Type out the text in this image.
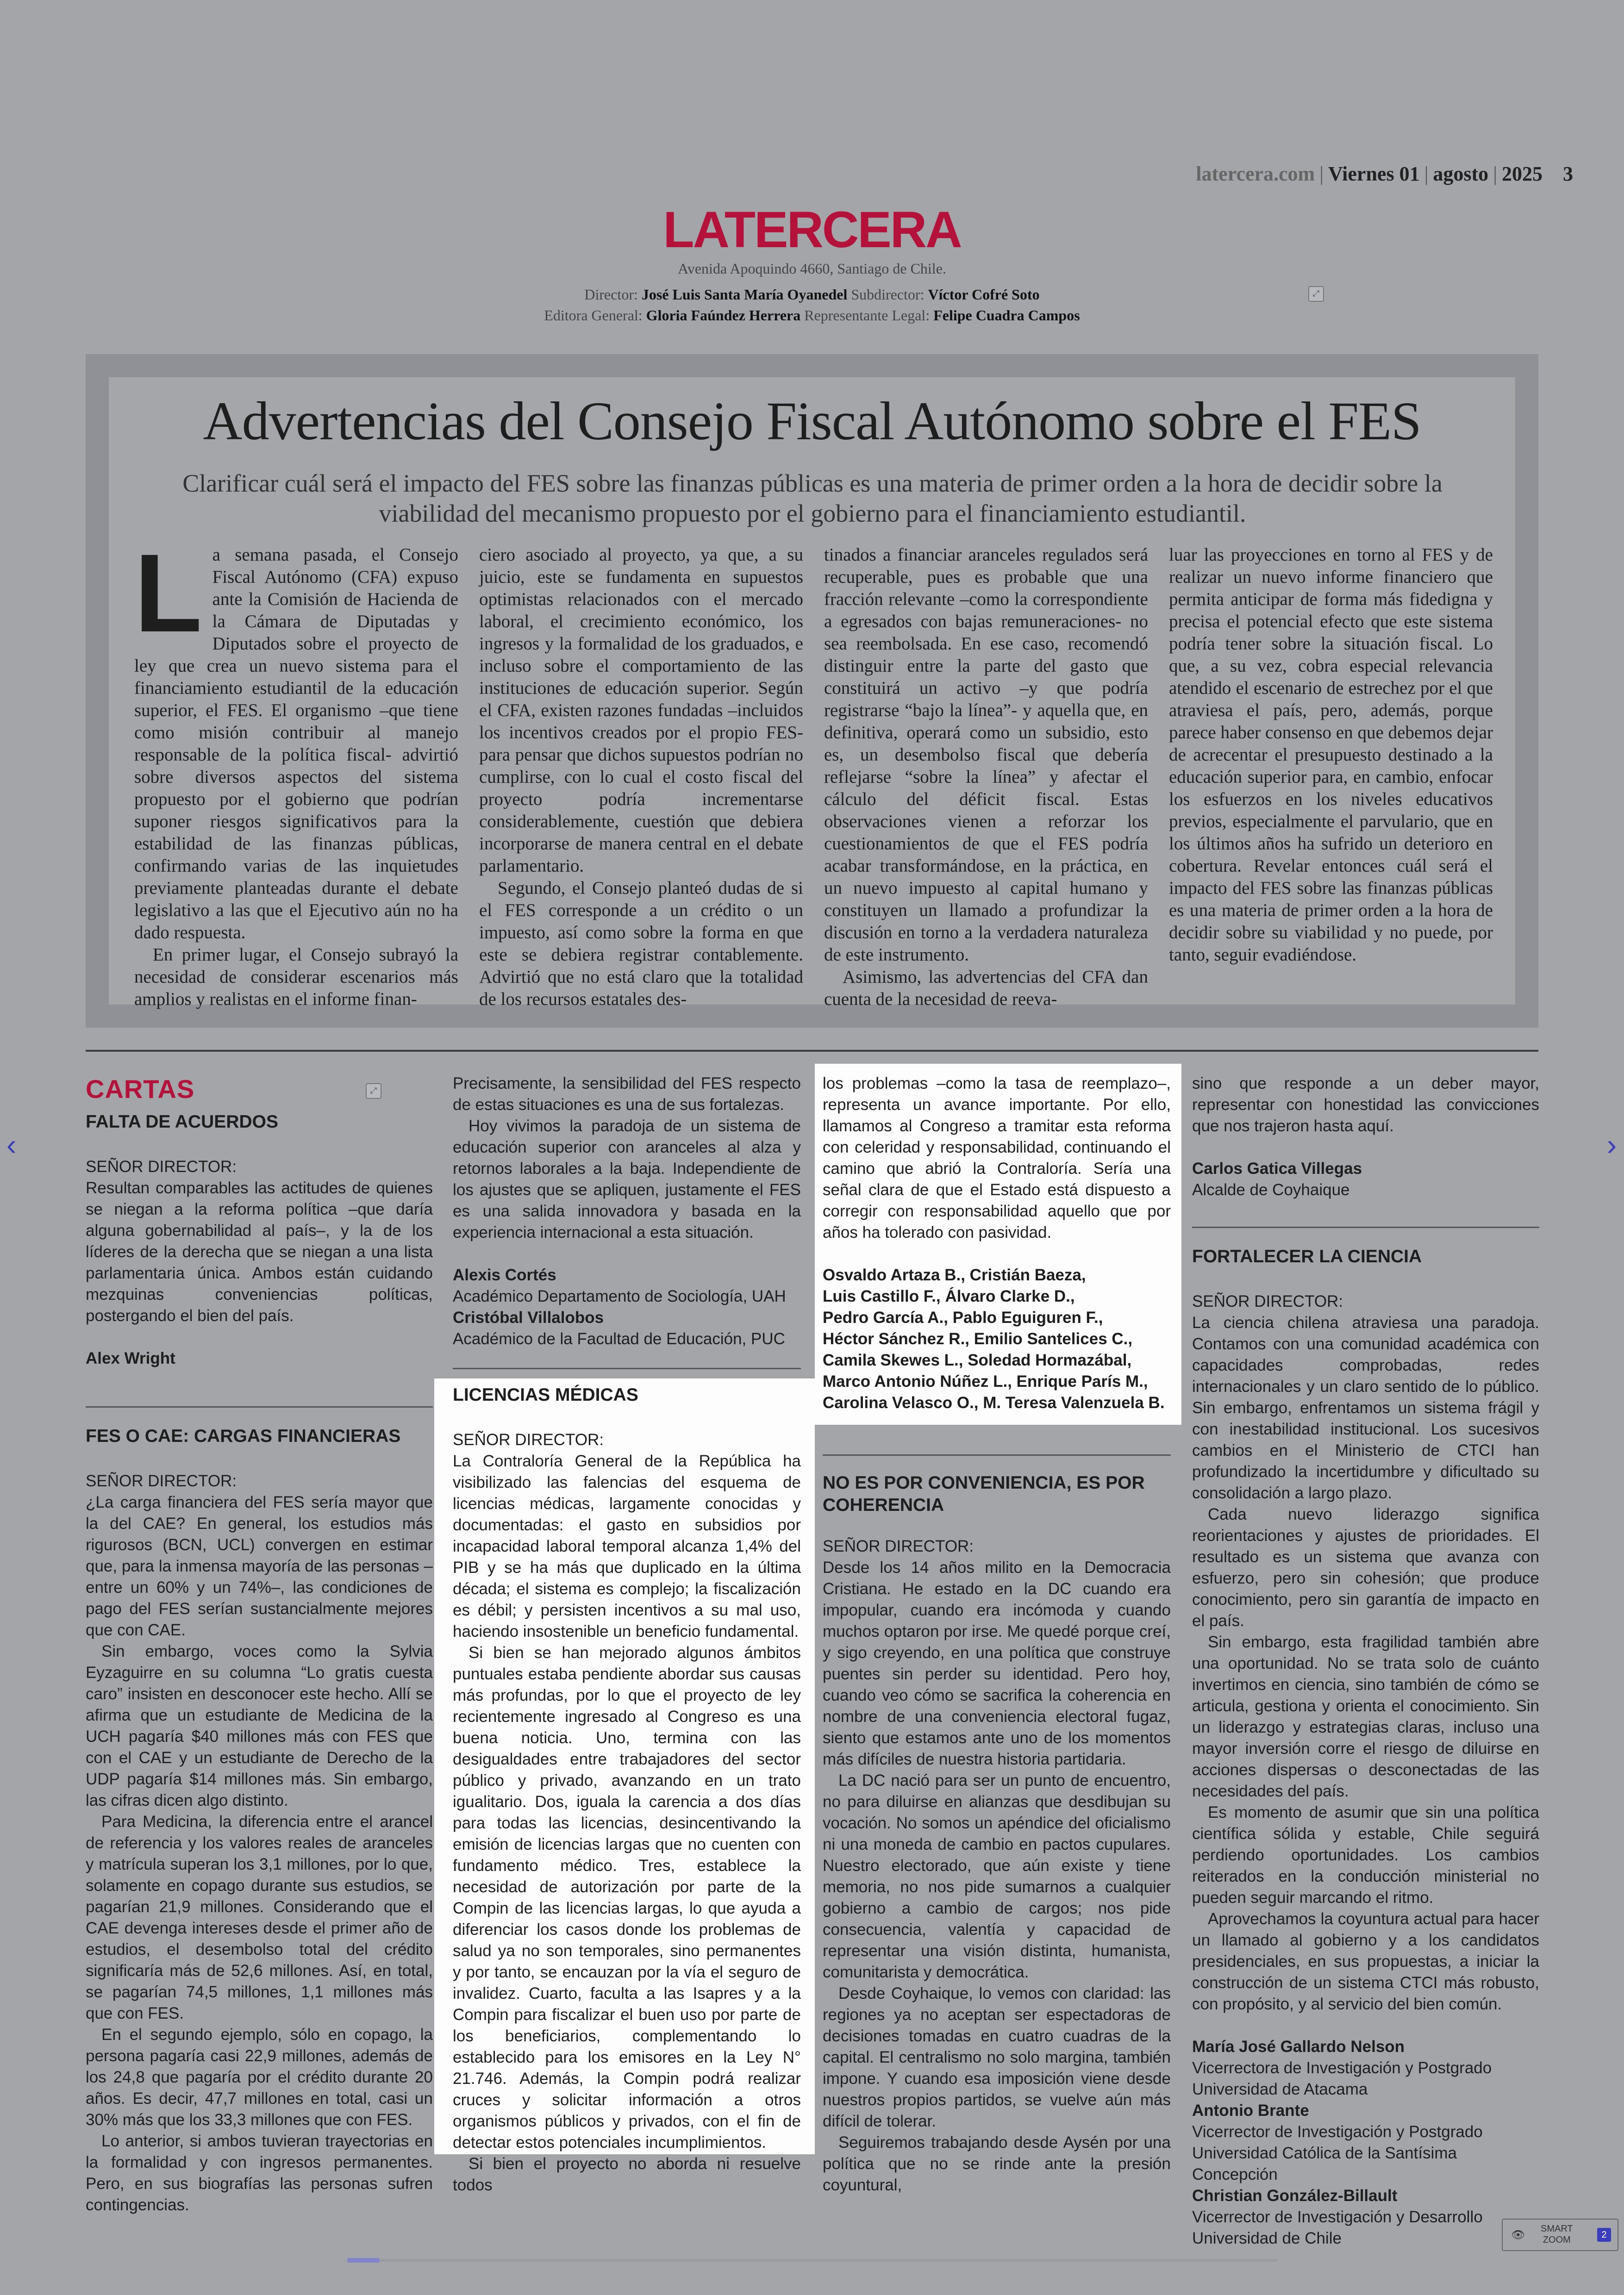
latercera.com | Viernes 01 | agosto | 2025 3
LATERCERA
Avenida Apoquindo 4660, Santiago de Chile.
Director: José Luis Santa María Oyanedel Subdirector: Víctor Cofré Soto
Editora General: Gloria Faúndez Herrera Representante Legal: Felipe Cuadra Campos
⤢
Advertencias del Consejo Fiscal Autónomo sobre el FES
Clarificar cuál será el impacto del FES sobre las finanzas públicas es una materia de primer orden a la hora de decidir sobre la viabilidad del mecanismo propuesto por el gobierno para el financiamiento estudiantil.
L a semana pasada, el Consejo Fiscal Autónomo (CFA) expuso ante la Comisión de Hacienda de la Cámara de Diputadas y Diputados sobre el proyecto de ley que crea un nuevo sistema para el financiamiento estudiantil de la educación superior, el FES. El organismo –que tiene como misión contribuir al manejo responsable de la política fiscal- advirtió sobre diversos aspectos del sistema propuesto por el gobierno que podrían suponer riesgos significativos para la estabilidad de las finanzas públicas, confirmando varias de las inquietudes previamente planteadas durante el debate legislativo a las que el Ejecutivo aún no ha dado respuesta.

En primer lugar, el Consejo subrayó la necesidad de considerar escenarios más amplios y realistas en el informe finan-

ciero asociado al proyecto, ya que, a su juicio, este se fundamenta en supuestos optimistas relacionados con el mercado laboral, el crecimiento económico, los ingresos y la formalidad de los graduados, e incluso sobre el comportamiento de las instituciones de educación superior. Según el CFA, existen razones fundadas –incluidos los incentivos creados por el propio FES- para pensar que dichos supuestos podrían no cumplirse, con lo cual el costo fiscal del proyecto podría incrementarse considerablemente, cuestión que debiera incorporarse de manera central en el debate parlamentario.

Segundo, el Consejo planteó dudas de si el FES corresponde a un crédito o un impuesto, así como sobre la forma en que este se debiera registrar contablemente. Advirtió que no está claro que la totalidad de los recursos estatales des-

tinados a financiar aranceles regulados será recuperable, pues es probable que una fracción relevante –como la correspondiente a egresados con bajas remuneraciones- no sea reembolsada. En ese caso, recomendó distinguir entre la parte del gasto que constituirá un activo –y que podría registrarse “bajo la línea”- y aquella que, en definitiva, operará como un subsidio, esto es, un desembolso fiscal que debería reflejarse “sobre la línea” y afectar el cálculo del déficit fiscal. Estas observaciones vienen a reforzar los cuestionamientos de que el FES podría acabar transformándose, en la práctica, en un nuevo impuesto al capital humano y constituyen un llamado a profundizar la discusión en torno a la verdadera naturaleza de este instrumento.

Asimismo, las advertencias del CFA dan cuenta de la necesidad de reeva-

luar las proyecciones en torno al FES y de realizar un nuevo informe financiero que permita anticipar de forma más fidedigna y precisa el potencial efecto que este sistema podría tener sobre la situación fiscal. Lo que, a su vez, cobra especial relevancia atendido el escenario de estrechez por el que atraviesa el país, pero, además, porque parece haber consenso en que debemos dejar de acrecentar el presupuesto destinado a la educación superior para, en cambio, enfocar los esfuerzos en los niveles educativos previos, especialmente el parvulario, que en los últimos años ha sufrido un deterioro en cobertura. Revelar entonces cuál será el impacto del FES sobre las finanzas públicas es una materia de primer orden a la hora de decidir sobre su viabilidad y no puede, por tanto, seguir evadiéndose.

CARTAS	⤢
FALTA DE ACUERDOS
SEÑOR DIRECTOR:

Resultan comparables las actitudes de quienes se niegan a la reforma política –que daría alguna gobernabilidad al país–, y la de los líderes de la derecha que se niegan a una lista parlamentaria única. Ambos están cuidando mezquinas conveniencias políticas, postergando el bien del país.

Alex Wright
FES O CAE: CARGAS FINANCIERAS
SEÑOR DIRECTOR:

¿La carga financiera del FES sería mayor que la del CAE? En general, los estudios más rigurosos (BCN, UCL) convergen en estimar que, para la inmensa mayoría de las personas –entre un 60% y un 74%–, las condiciones de pago del FES serían sustancialmente mejores que con CAE.

Sin embargo, voces como la Sylvia Eyzaguirre en su columna “Lo gratis cuesta caro” insisten en desconocer este hecho. Allí se afirma que un estudiante de Medicina de la UCH pagaría $40 millones más con FES que con el CAE y un estudiante de Derecho de la UDP pagaría $14 millones más. Sin embargo, las cifras dicen algo distinto.

Para Medicina, la diferencia entre el arancel de referencia y los valores reales de aranceles y matrícula superan los 3,1 millones, por lo que, solamente en copago durante sus estudios, se pagarían 21,9 millones. Considerando que el CAE devenga intereses desde el primer año de estudios, el desembolso total del crédito significaría más de 52,6 millones. Así, en total, se pagarían 74,5 millones, 1,1 millones más que con FES.

En el segundo ejemplo, sólo en copago, la persona pagaría casi 22,9 millones, además de los 24,8 que pagaría por el crédito durante 20 años. Es decir, 47,7 millones en total, casi un 30% más que los 33,3 millones que con FES.

Lo anterior, si ambos tuvieran trayectorias en la formalidad y con ingresos permanentes. Pero, en sus biografías las personas sufren contingencias.

Precisamente, la sensibilidad del FES respecto de estas situaciones es una de sus fortalezas.

Hoy vivimos la paradoja de un sistema de educación superior con aranceles al alza y retornos laborales a la baja. Independiente de los ajustes que se apliquen, justamente el FES es una salida innovadora y basada en la experiencia internacional a esta situación.

Alexis Cortés
Académico Departamento de Sociología, UAH
Cristóbal Villalobos
Académico de la Facultad de Educación, PUC
LICENCIAS MÉDICAS
SEÑOR DIRECTOR:

La Contraloría General de la República ha visibilizado las falencias del esquema de licencias médicas, largamente conocidas y documentadas: el gasto en subsidios por incapacidad laboral temporal alcanza 1,4% del PIB y se ha más que duplicado en la última década; el sistema es complejo; la fiscalización es débil; y persisten incentivos a su mal uso, haciendo insostenible un beneficio fundamental.

Si bien se han mejorado algunos ámbitos puntuales estaba pendiente abordar sus causas más profundas, por lo que el proyecto de ley recientemente ingresado al Congreso es una buena noticia. Uno, termina con las desigualdades entre trabajadores del sector público y privado, avanzando en un trato igualitario. Dos, iguala la carencia a dos días para todas las licencias, desincentivando la emisión de licencias largas que no cuenten con fundamento médico. Tres, establece la necesidad de autorización por parte de la Compin de las licencias largas, lo que ayuda a diferenciar los casos donde los problemas de salud ya no son temporales, sino permanentes y por tanto, se encauzan por la vía el seguro de invalidez. Cuarto, faculta a las Isapres y a la Compin para fiscalizar el buen uso por parte de los beneficiarios, complementando lo establecido para los emisores en la Ley N° 21.746. Además, la Compin podrá realizar cruces y solicitar información a otros organismos públicos y privados, con el fin de detectar estos potenciales incumplimientos.

Si bien el proyecto no aborda ni resuelve todos

los problemas –como la tasa de reemplazo–, representa un avance importante. Por ello, llamamos al Congreso a tramitar esta reforma con celeridad y responsabilidad, continuando el camino que abrió la Contraloría. Sería una señal clara de que el Estado está dispuesto a corregir con responsabilidad aquello que por años ha tolerado con pasividad.

Osvaldo Artaza B., Cristián Baeza,
Luis Castillo F., Álvaro Clarke D.,
Pedro García A., Pablo Eguiguren F.,
Héctor Sánchez R., Emilio Santelices C.,
Camila Skewes L., Soledad Hormazábal,
Marco Antonio Núñez L., Enrique París M.,
Carolina Velasco O., M. Teresa Valenzuela B.
NO ES POR CONVENIENCIA, ES POR COHERENCIA
SEÑOR DIRECTOR:

Desde los 14 años milito en la Democracia Cristiana. He estado en la DC cuando era impopular, cuando era incómoda y cuando muchos optaron por irse. Me quedé porque creí, y sigo creyendo, en una política que construye puentes sin perder su identidad. Pero hoy, cuando veo cómo se sacrifica la coherencia en nombre de una conveniencia electoral fugaz, siento que estamos ante uno de los momentos más difíciles de nuestra historia partidaria.

La DC nació para ser un punto de encuentro, no para diluirse en alianzas que desdibujan su vocación. No somos un apéndice del oficialismo ni una moneda de cambio en pactos cupulares. Nuestro electorado, que aún existe y tiene memoria, no nos pide sumarnos a cualquier gobierno a cambio de cargos; nos pide consecuencia, valentía y capacidad de representar una visión distinta, humanista, comunitarista y democrática.

Desde Coyhaique, lo vemos con claridad: las regiones ya no aceptan ser espectadoras de decisiones tomadas en cuatro cuadras de la capital. El centralismo no solo margina, también impone. Y cuando esa imposición viene desde nuestros propios partidos, se vuelve aún más difícil de tolerar.

Seguiremos trabajando desde Aysén por una política que no se rinde ante la presión coyuntural,

sino que responde a un deber mayor, representar con honestidad las convicciones que nos trajeron hasta aquí.

Carlos Gatica Villegas
Alcalde de Coyhaique
FORTALECER LA CIENCIA
SEÑOR DIRECTOR:

La ciencia chilena atraviesa una paradoja. Contamos con una comunidad académica con capacidades comprobadas, redes internacionales y un claro sentido de lo público. Sin embargo, enfrentamos un sistema frágil y con inestabilidad institucional. Los sucesivos cambios en el Ministerio de CTCI han profundizado la incertidumbre y dificultado su consolidación a largo plazo.

Cada nuevo liderazgo significa reorientaciones y ajustes de prioridades. El resultado es un sistema que avanza con esfuerzo, pero sin cohesión; que produce conocimiento, pero sin garantía de impacto en el país.

Sin embargo, esta fragilidad también abre una oportunidad. No se trata solo de cuánto invertimos en ciencia, sino también de cómo se articula, gestiona y orienta el conocimiento. Sin un liderazgo y estrategias claras, incluso una mayor inversión corre el riesgo de diluirse en acciones dispersas o desconectadas de las necesidades del país.

Es momento de asumir que sin una política científica sólida y estable, Chile seguirá perdiendo oportunidades. Los cambios reiterados en la conducción ministerial no pueden seguir marcando el ritmo.

Aprovechamos la coyuntura actual para hacer un llamado al gobierno y a los candidatos presidenciales, en sus propuestas, a iniciar la construcción de un sistema CTCI más robusto, con propósito, y al servicio del bien común.

María José Gallardo Nelson
Vicerrectora de Investigación y Postgrado
Universidad de Atacama
Antonio Brante
Vicerrector de Investigación y Postgrado
Universidad Católica de la Santísima Concepción
Christian González-Billault
Vicerrector de Investigación y Desarrollo
Universidad de Chile
‹	›
👁 SMART
ZOOM	2
